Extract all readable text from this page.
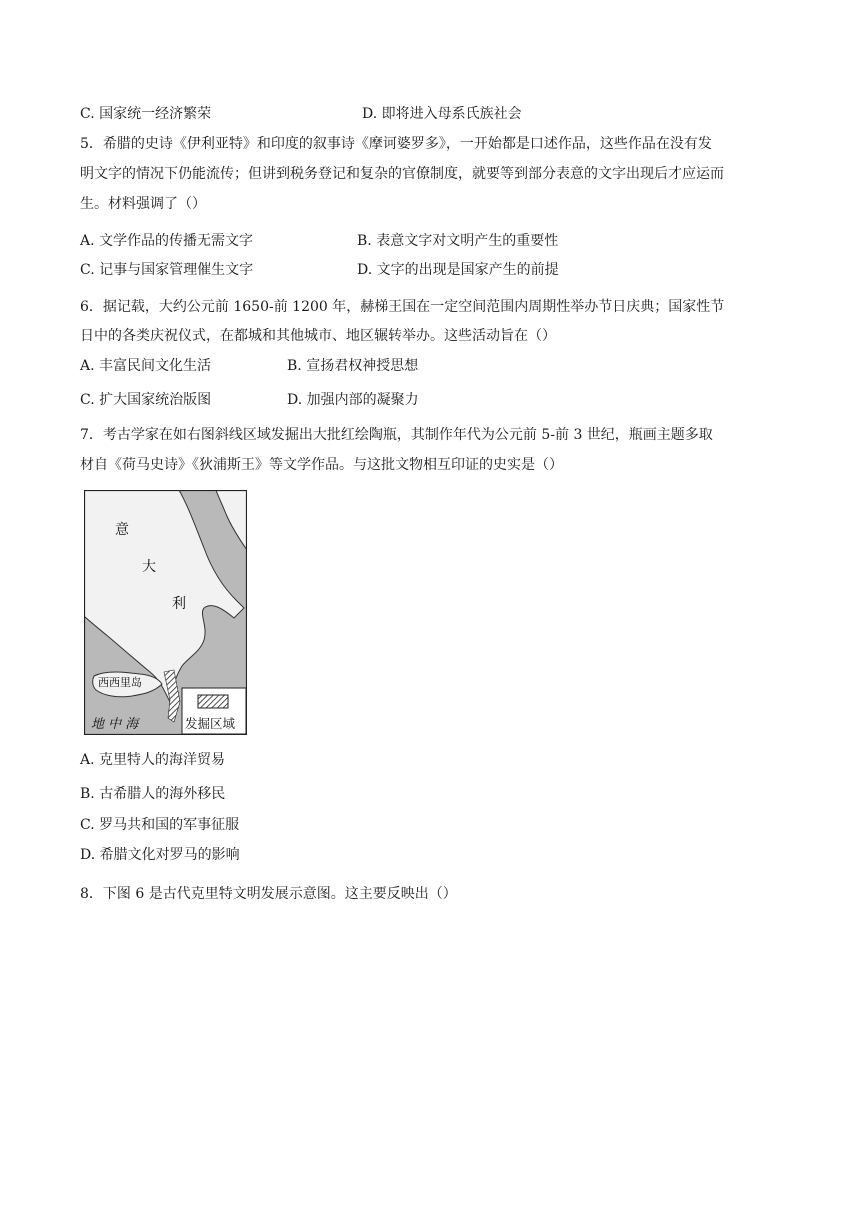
C. 国家统一经济繁荣	D. 即将进入母系氏族社会
5．希腊的史诗《伊利亚特》和印度的叙事诗《摩诃婆罗多》，一开始都是口述作品，这些作品在没有发
明文字的情况下仍能流传；但讲到税务登记和复杂的官僚制度，就要等到部分表意的文字出现后才应运而
生。材料强调了（）
A. 文学作品的传播无需文字	B. 表意文字对文明产生的重要性
C. 记事与国家管理催生文字	D. 文字的出现是国家产生的前提
6．据记载，大约公元前 1650-前 1200 年，赫梯王国在一定空间范围内周期性举办节日庆典；国家性节
日中的各类庆祝仪式，在都城和其他城市、地区辗转举办。这些活动旨在（）
A. 丰富民间文化生活	B. 宣扬君权神授思想
C. 扩大国家统治版图	D. 加强内部的凝聚力
7．考古学家在如右图斜线区域发掘出大批红绘陶瓶，其制作年代为公元前 5-前 3 世纪，瓶画主题多取
材自《荷马史诗》《狄浦斯王》等文学作品。与这批文物相互印证的史实是（）
发掘区域
意
大
利
西西里岛
地 中 海
A. 克里特人的海洋贸易
B. 古希腊人的海外移民
C. 罗马共和国的军事征服
D. 希腊文化对罗马的影响
8．下图 6 是古代克里特文明发展示意图。这主要反映出（）
